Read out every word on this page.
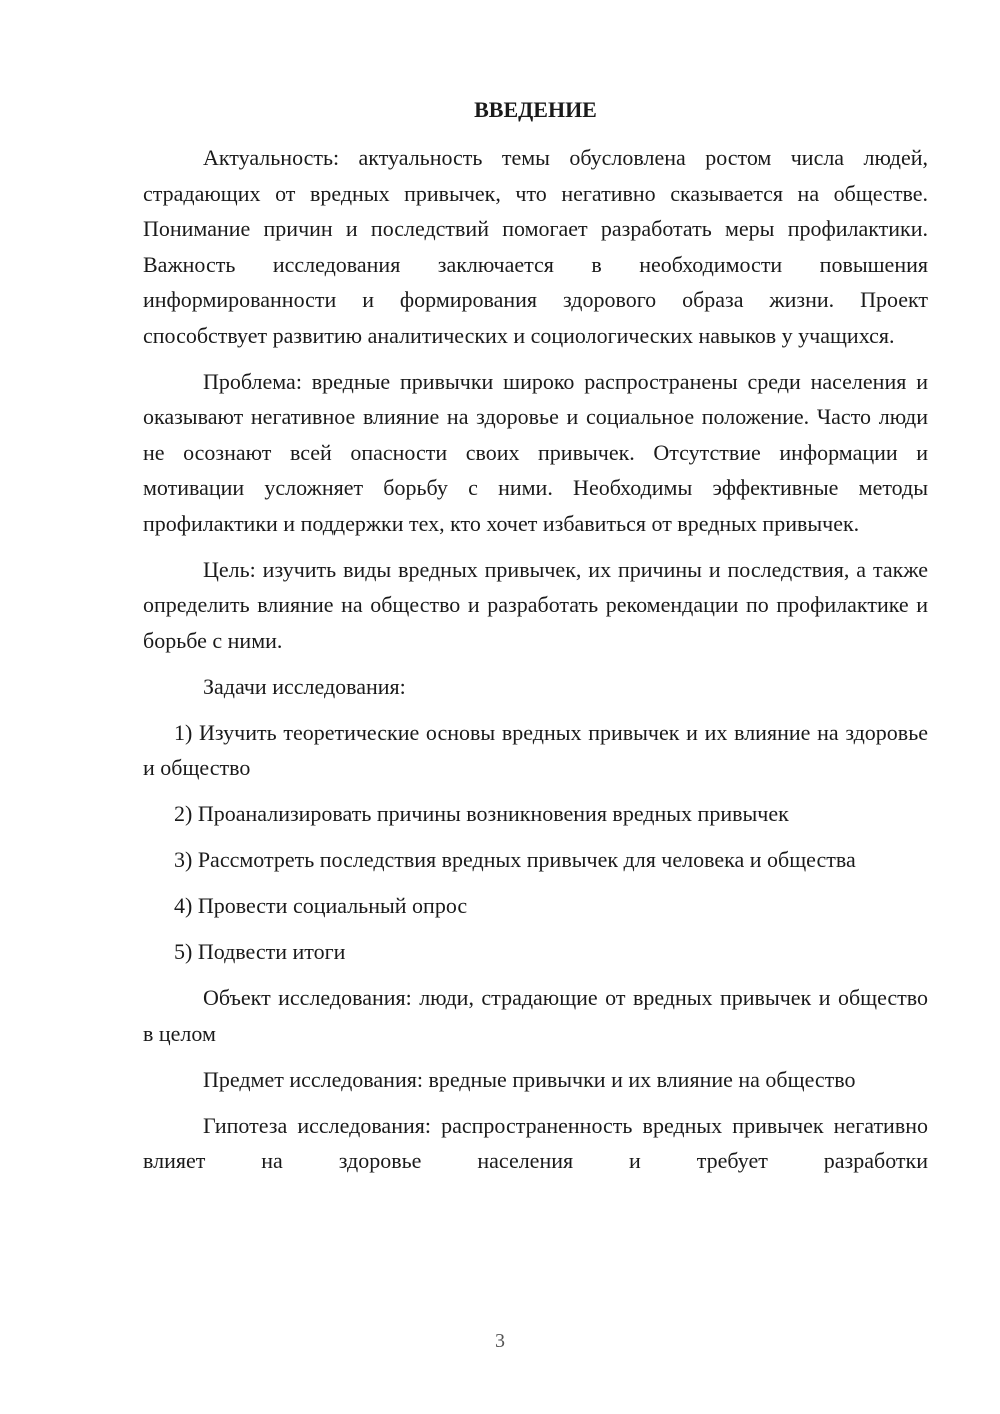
ВВЕДЕНИЕ

Актуальность: актуальность темы обусловлена ростом числа людей, страдающих от вредных привычек, что негативно сказывается на обществе. Понимание причин и последствий помогает разработать меры профилактики. Важность исследования заключается в необходимости повышения информированности и формирования здорового образа жизни. Проект способствует развитию аналитических и социологических навыков у учащихся.

Проблема: вредные привычки широко распространены среди населения и оказывают негативное влияние на здоровье и социальное положение. Часто люди не осознают всей опасности своих привычек. Отсутствие информации и мотивации усложняет борьбу с ними. Необходимы эффективные методы профилактики и поддержки тех, кто хочет избавиться от вредных привычек.

Цель: изучить виды вредных привычек, их причины и последствия, а также определить влияние на общество и разработать рекомендации по профилактике и борьбе с ними.

Задачи исследования:

1) Изучить теоретические основы вредных привычек и их влияние на здоровье и общество

2) Проанализировать причины возникновения вредных привычек

3) Рассмотреть последствия вредных привычек для человека и общества

4) Провести социальный опрос

5) Подвести итоги

Объект исследования: люди, страдающие от вредных привычек и общество в целом

Предмет исследования: вредные привычки и их влияние на общество

Гипотеза исследования: распространенность вредных привычек негативно влияет на здоровье населения и требует разработки

3
